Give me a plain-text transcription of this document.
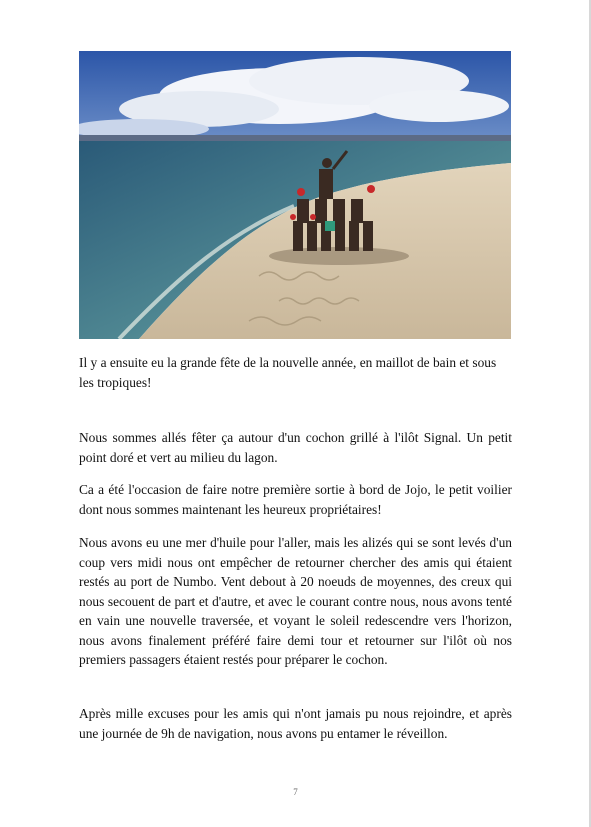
Il y a ensuite eu la grande fête de la nouvelle année, en maillot de bain et sous les tropiques!

Nous sommes allés fêter ça autour d'un cochon grillé à l'ilôt Signal. Un petit point doré et vert au milieu du lagon.

Ca a été l'occasion de faire notre première sortie à bord de Jojo, le petit voilier dont nous sommes maintenant les heureux propriétaires!

Nous avons eu une mer d'huile pour l'aller, mais les alizés qui se sont levés d'un coup vers midi nous ont empêcher de retourner chercher des amis qui étaient restés au port de Numbo. Vent debout à 20 noeuds de moyennes, des creux qui nous secouent de part et d'autre, et avec le courant contre nous, nous avons tenté en vain une nouvelle traversée, et voyant le soleil redescendre vers l'horizon, nous avons finalement préféré faire demi tour et retourner sur l'ilôt où nos premiers passagers étaient restés pour préparer le cochon.

Après mille excuses pour les amis qui n'ont jamais pu nous rejoindre, et après une journée de 9h de navigation, nous avons pu entamer le réveillon.

7
